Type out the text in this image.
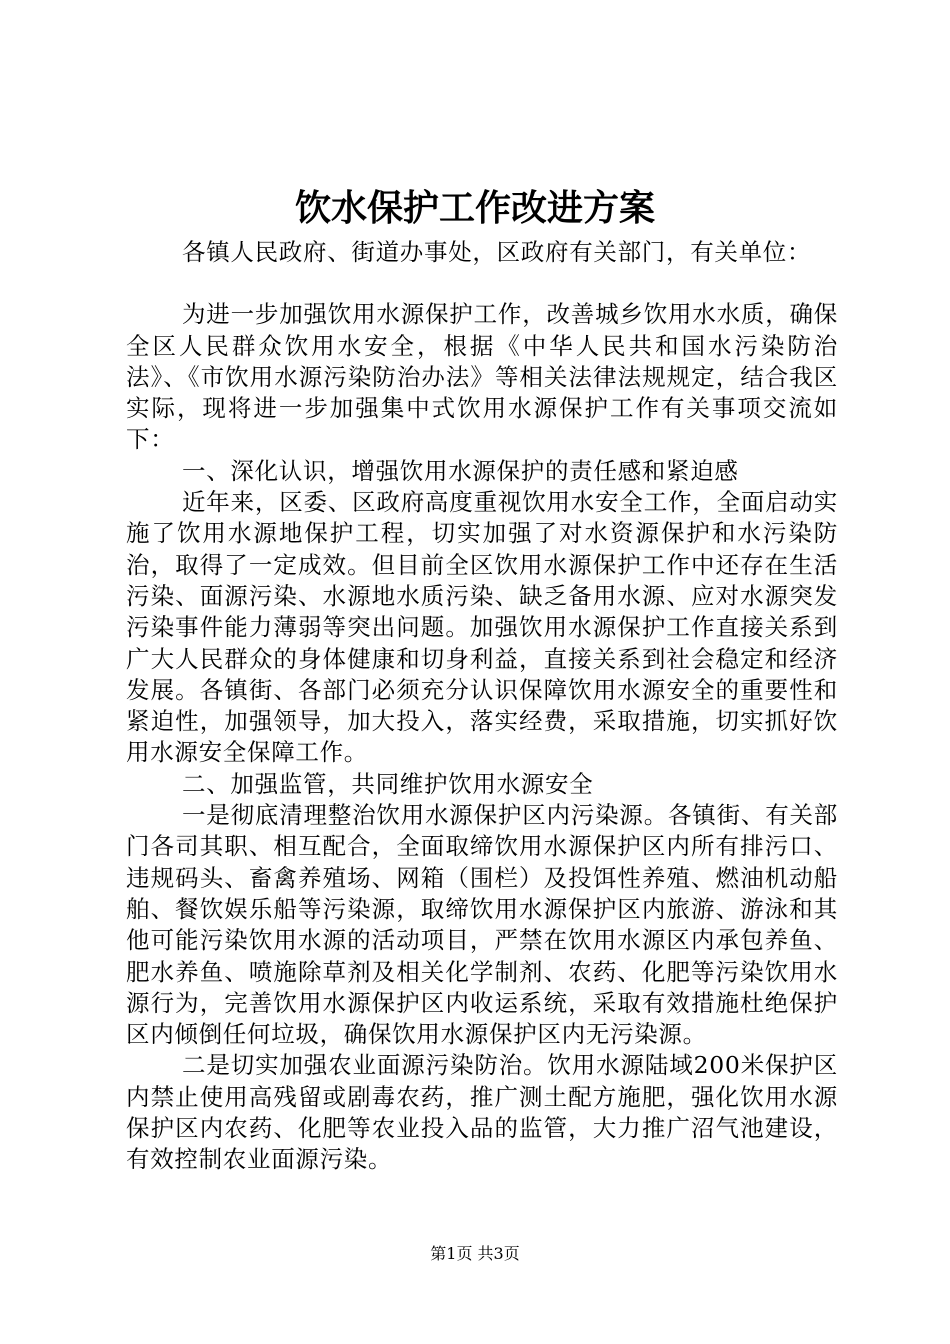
饮水保护工作改进方案

各镇人民政府、街道办事处，区政府有关部门，有关单位：

为进一步加强饮用水源保护工作，改善城乡饮用水水质，确保全区人民群众饮用水安全，根据《中华人民共和国水污染防治法》、《市饮用水源污染防治办法》等相关法律法规规定，结合我区实际，现将进一步加强集中式饮用水源保护工作有关事项交流如下：

一、深化认识，增强饮用水源保护的责任感和紧迫感

近年来，区委、区政府高度重视饮用水安全工作，全面启动实施了饮用水源地保护工程，切实加强了对水资源保护和水污染防治，取得了一定成效。但目前全区饮用水源保护工作中还存在生活污染、面源污染、水源地水质污染、缺乏备用水源、应对水源突发污染事件能力薄弱等突出问题。加强饮用水源保护工作直接关系到广大人民群众的身体健康和切身利益，直接关系到社会稳定和经济发展。各镇街、各部门必须充分认识保障饮用水源安全的重要性和紧迫性，加强领导，加大投入，落实经费，采取措施，切实抓好饮用水源安全保障工作。

二、加强监管，共同维护饮用水源安全

一是彻底清理整治饮用水源保护区内污染源。各镇街、有关部门各司其职、相互配合，全面取缔饮用水源保护区内所有排污口、违规码头、畜禽养殖场、网箱（围栏）及投饵性养殖、燃油机动船舶、餐饮娱乐船等污染源，取缔饮用水源保护区内旅游、游泳和其他可能污染饮用水源的活动项目，严禁在饮用水源区内承包养鱼、肥水养鱼、喷施除草剂及相关化学制剂、农药、化肥等污染饮用水源行为，完善饮用水源保护区内收运系统，采取有效措施杜绝保护区内倾倒任何垃圾，确保饮用水源保护区内无污染源。

二是切实加强农业面源污染防治。饮用水源陆域200米保护区内禁止使用高残留或剧毒农药，推广测土配方施肥，强化饮用水源保护区内农药、化肥等农业投入品的监管，大力推广沼气池建设，有效控制农业面源污染。

第1页 共3页
